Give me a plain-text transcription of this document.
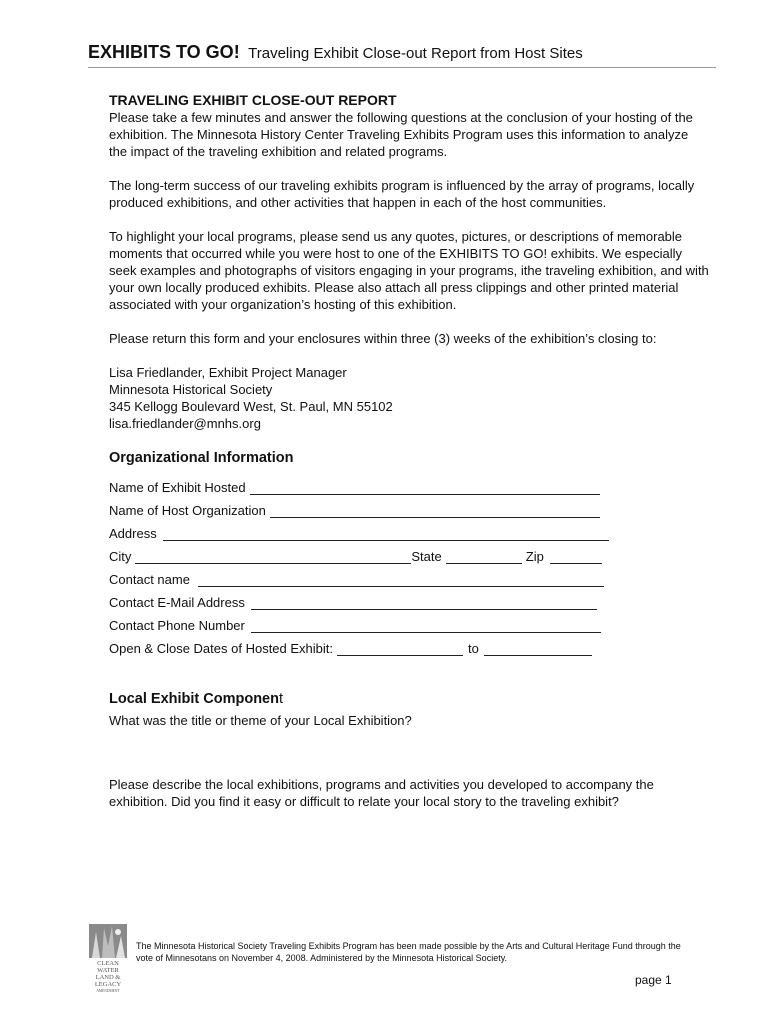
EXHIBITS TO GO! Traveling Exhibit Close-out Report from Host Sites
TRAVELING EXHIBIT CLOSE-OUT REPORT

Please take a few minutes and answer the following questions at the conclusion of your hosting of the exhibition. The Minnesota History Center Traveling Exhibits Program uses this information to analyze the impact of the traveling exhibition and related programs.

The long-term success of our traveling exhibits program is influenced by the array of programs, locally produced exhibitions, and other activities that happen in each of the host communities.

To highlight your local programs, please send us any quotes, pictures, or descriptions of memorable moments that occurred while you were host to one of the EXHIBITS TO GO! exhibits. We especially seek examples and photographs of visitors engaging in your programs, ithe traveling exhibition, and with your own locally produced exhibits. Please also attach all press clippings and other printed material associated with your organization’s hosting of this exhibition.

Please return this form and your enclosures within three (3) weeks of the exhibition’s closing to:

Lisa Friedlander, Exhibit Project Manager

Minnesota Historical Society

345 Kellogg Boulevard West, St. Paul, MN 55102

lisa.friedlander@mnhs.org

Organizational Information
Name of Exhibit Hosted
Name of Host Organization
Address
City	State	Zip
Contact name
Contact E-Mail Address
Contact Phone Number
Open & Close Dates of Hosted Exhibit:	to
Local Exhibit Component

What was the title or theme of your Local Exhibition?

Please describe the local exhibitions, programs and activities you developed to accompany the exhibition. Did you find it easy or difficult to relate your local story to the traveling exhibit?

CLEAN
WATER
LAND &
LEGACY
AMENDMENT
The Minnesota Historical Society Traveling Exhibits Program has been made possible by the Arts and Cultural Heritage Fund through the vote of Minnesotans on November 4, 2008. Administered by the Minnesota Historical Society.
page 1
